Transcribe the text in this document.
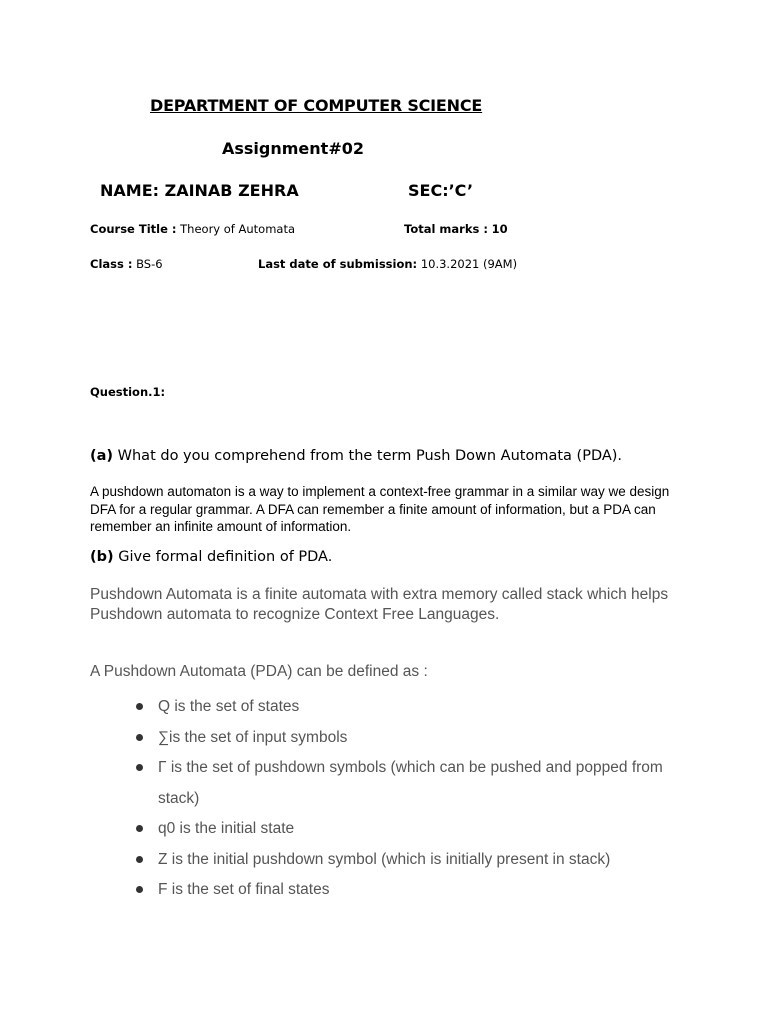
DEPARTMENT OF COMPUTER SCIENCE
Assignment#02
NAME: ZAINAB ZEHRA	SEC:’C’
Course Title : Theory of Automata	Total marks : 10
Class : BS-6	Last date of submission: 10.3.2021 (9AM)
Question.1:
(a) What do you comprehend from the term Push Down Automata (PDA).
A pushdown automaton is a way to implement a context-free grammar in a similar way we design DFA for a regular grammar. A DFA can remember a finite amount of information, but a PDA can remember an infinite amount of information.
(b) Give formal definition of PDA.
Pushdown Automata is a finite automata with extra memory called stack which helps Pushdown automata to recognize Context Free Languages.
A Pushdown Automata (PDA) can be defined as :
Q is the set of states
∑is the set of input symbols
Γ is the set of pushdown symbols (which can be pushed and popped from stack)
q0 is the initial state
Z is the initial pushdown symbol (which is initially present in stack)
F is the set of final states
